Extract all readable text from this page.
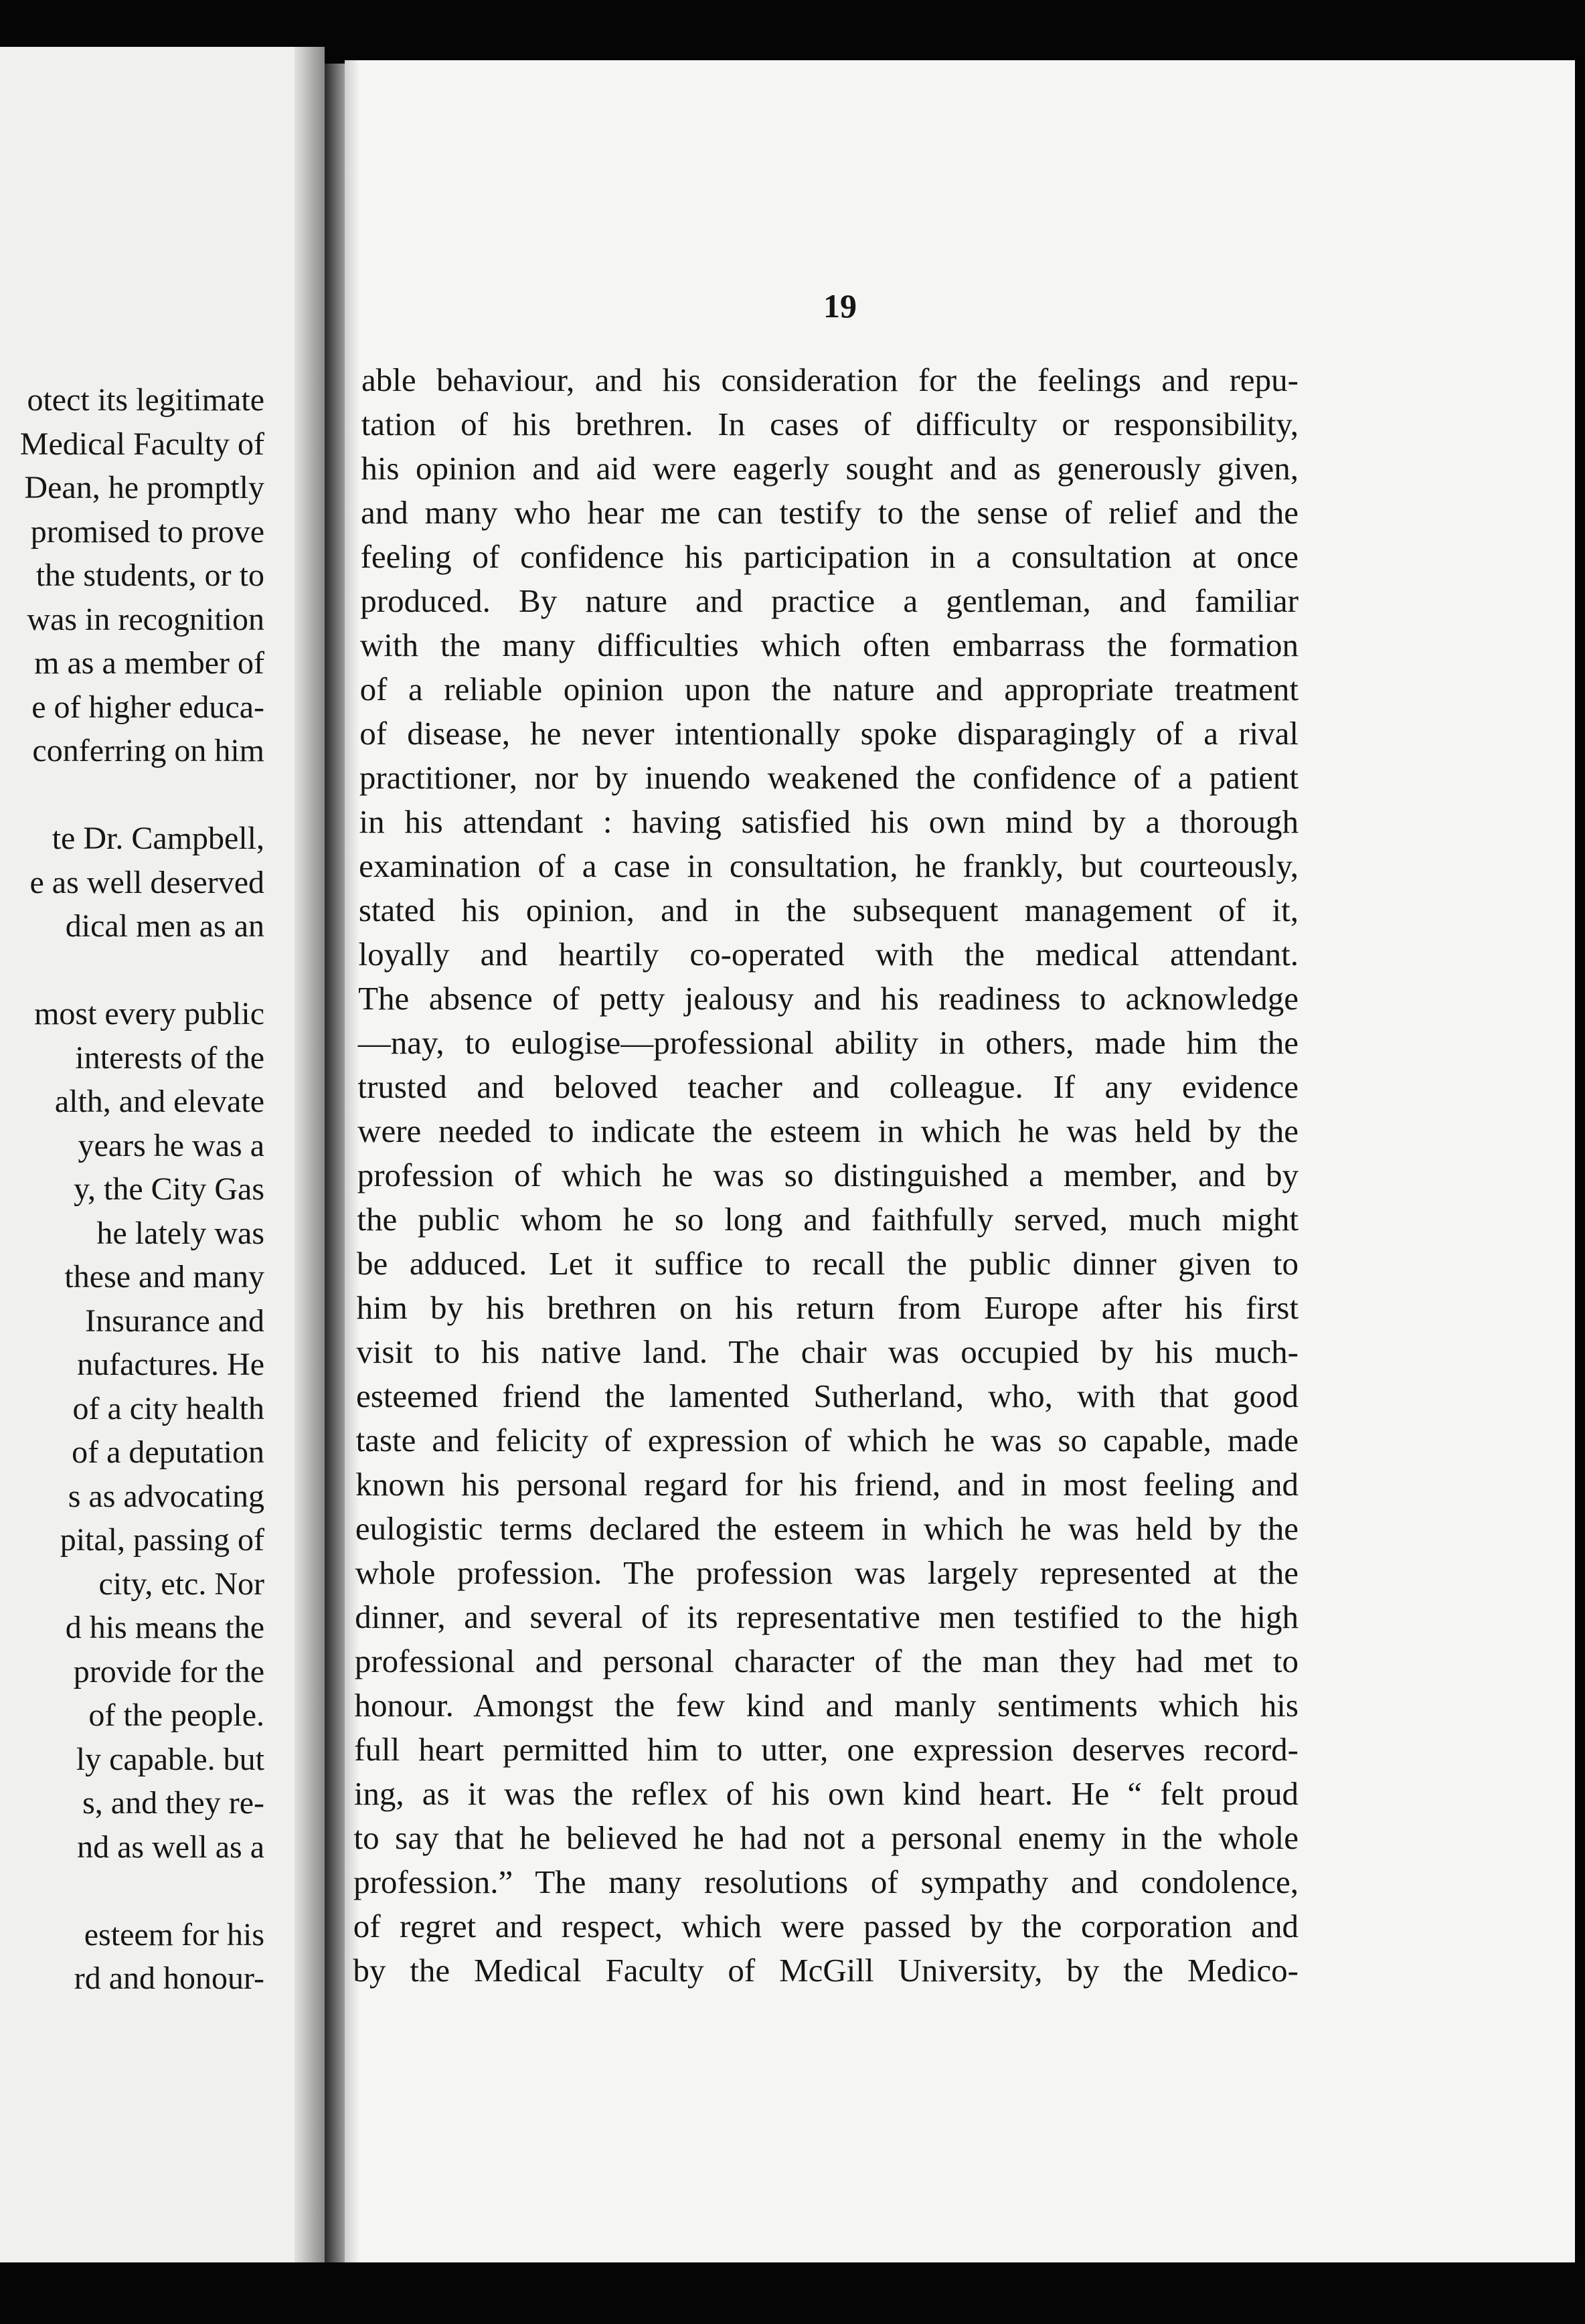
otect its legitimate
Medical Faculty of
Dean, he promptly
promised to prove
the students, or to
was in recognition
m as a member of
e of higher educa-
conferring on him
te Dr. Campbell,
e as well deserved
dical men as an
most every public
interests of the
alth, and elevate
years he was a
y, the City Gas
he lately was
these and many
Insurance and
nufactures. He
of a city health
of a deputation
s as advocating
pital, passing of
city, etc. Nor
d his means the
provide for the
of the people.
ly capable. but
s, and they re-
nd as well as a
esteem for his
rd and honour-
19
able behaviour, and his consideration for the feelings and repu-
tation of his brethren. In cases of difficulty or responsibility,
his opinion and aid were eagerly sought and as generously given,
and many who hear me can testify to the sense of relief and the
feeling of confidence his participation in a consultation at once
produced. By nature and practice a gentleman, and familiar
with the many difficulties which often embarrass the formation
of a reliable opinion upon the nature and appropriate treatment
of disease, he never intentionally spoke disparagingly of a rival
practitioner, nor by inuendo weakened the confidence of a patient
in his attendant : having satisfied his own mind by a thorough
examination of a case in consultation, he frankly, but courteously,
stated his opinion, and in the subsequent management of it,
loyally and heartily co-operated with the medical attendant.
The absence of petty jealousy and his readiness to acknowledge
—nay, to eulogise—professional ability in others, made him the
trusted and beloved teacher and colleague. If any evidence
were needed to indicate the esteem in which he was held by the
profession of which he was so distinguished a member, and by
the public whom he so long and faithfully served, much might
be adduced. Let it suffice to recall the public dinner given to
him by his brethren on his return from Europe after his first
visit to his native land. The chair was occupied by his much-
esteemed friend the lamented Sutherland, who, with that good
taste and felicity of expression of which he was so capable, made
known his personal regard for his friend, and in most feeling and
eulogistic terms declared the esteem in which he was held by the
whole profession. The profession was largely represented at the
dinner, and several of its representative men testified to the high
professional and personal character of the man they had met to
honour. Amongst the few kind and manly sentiments which his
full heart permitted him to utter, one expression deserves record-
ing, as it was the reflex of his own kind heart. He “ felt proud
to say that he believed he had not a personal enemy in the whole
profession.” The many resolutions of sympathy and condolence,
of regret and respect, which were passed by the corporation and
by the Medical Faculty of McGill University, by the Medico-
